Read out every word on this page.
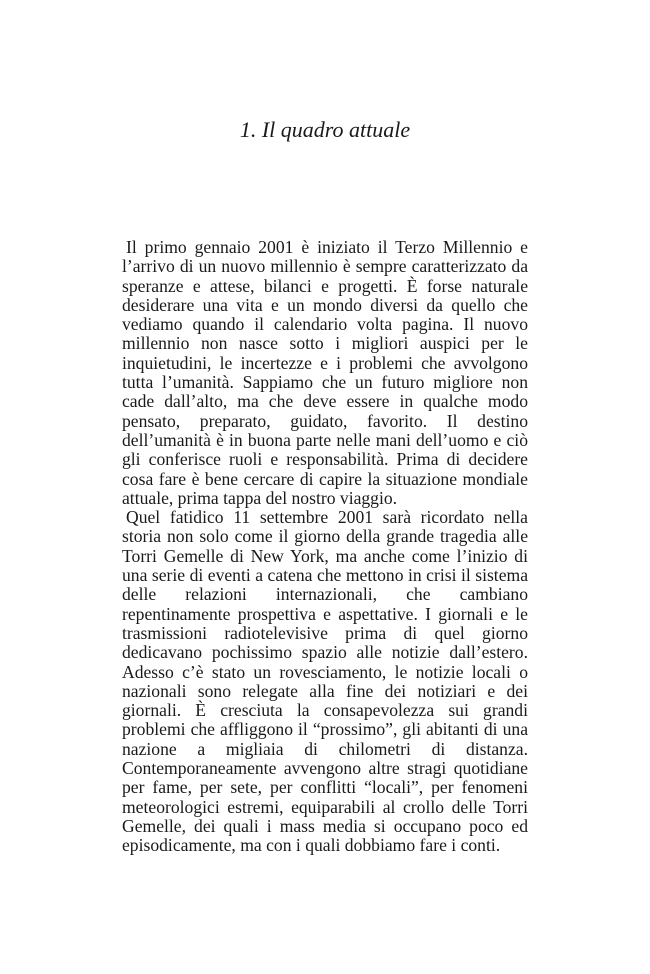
1. Il quadro attuale

Il primo gennaio 2001 è iniziato il Terzo Millennio e l’arrivo di un nuovo millennio è sempre caratterizzato da speranze e attese, bilanci e progetti. È forse naturale desiderare una vita e un mondo diversi da quello che vediamo quando il calendario volta pagina. Il nuovo millennio non nasce sotto i migliori auspici per le inquietudini, le incertezze e i problemi che avvolgono tutta l’umanità. Sappiamo che un futuro migliore non cade dall’alto, ma che deve essere in qualche modo pensato, preparato, guidato, favorito. Il destino dell’umanità è in buona parte nelle mani dell’uomo e ciò gli conferisce ruoli e responsabilità. Prima di decidere cosa fare è bene cercare di capire la situazione mondiale attuale, prima tappa del nostro viaggio.

Quel fatidico 11 settembre 2001 sarà ricordato nella storia non solo come il giorno della grande tragedia alle Torri Gemelle di New York, ma anche come l’inizio di una serie di eventi a catena che mettono in crisi il sistema delle relazioni internazionali, che cambiano repentinamente prospettiva e aspettative. I giornali e le trasmissioni radiotelevisive prima di quel giorno dedicavano pochissimo spazio alle notizie dall’estero. Adesso c’è stato un rovesciamento, le notizie locali o nazionali sono relegate alla fine dei notiziari e dei giornali. È cresciuta la consapevolezza sui grandi problemi che affliggono il “prossimo”, gli abitanti di una nazione a migliaia di chilometri di distanza. Contemporaneamente avvengono altre stragi quotidiane per fame, per sete, per conflitti “locali”, per fenomeni meteorologici estremi, equiparabili al crollo delle Torri Gemelle, dei quali i mass media si occupano poco ed episodicamente, ma con i quali dobbiamo fare i conti.
